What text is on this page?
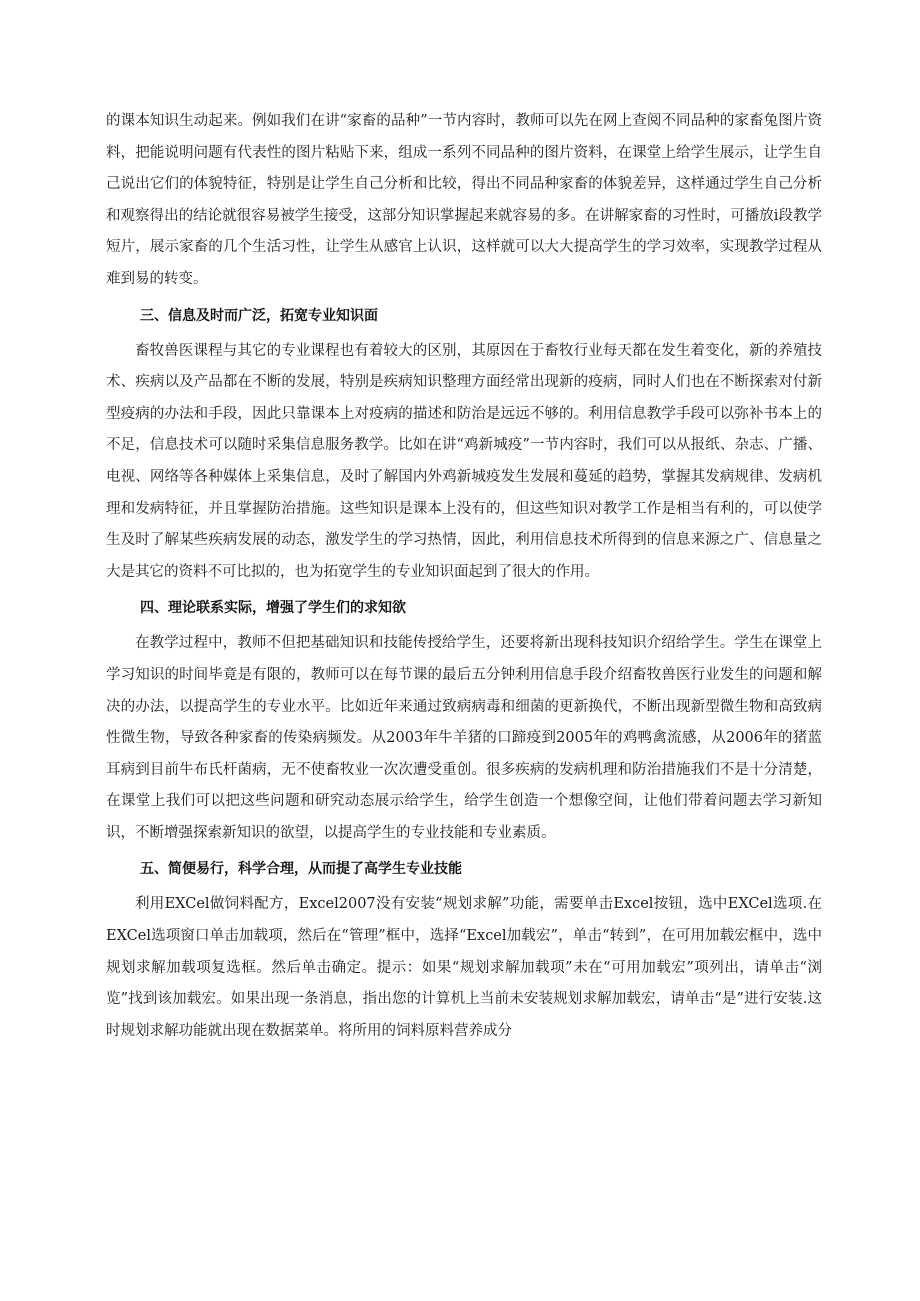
的课本知识生动起来。例如我们在讲“家畜的品种”一节内容时，教师可以先在网上查阅不同品种的家畜兔图片资料，把能说明问题有代表性的图片粘贴下来，组成一系列不同品种的图片资料，在课堂上给学生展示，让学生自己说出它们的体貌特征，特别是让学生自己分析和比较，得出不同品种家畜的体貌差异，这样通过学生自己分析和观察得出的结论就很容易被学生接受，这部分知识掌握起来就容易的多。在讲解家畜的习性时，可播放i段教学短片，展示家畜的几个生活习性，让学生从感官上认识，这样就可以大大提高学生的学习效率，实现教学过程从难到易的转变。

三、信息及时而广泛，拓宽专业知识面

畜牧兽医课程与其它的专业课程也有着较大的区别，其原因在于畜牧行业每天都在发生着变化，新的养殖技术、疾病以及产品都在不断的发展，特别是疾病知识整理方面经常出现新的疫病，同时人们也在不断探索对付新型疫病的办法和手段，因此只靠课本上对疫病的描述和防治是远远不够的。利用信息教学手段可以弥补书本上的不足，信息技术可以随时采集信息服务教学。比如在讲“鸡新城疫”一节内容时，我们可以从报纸、杂志、广播、电视、网络等各种媒体上采集信息，及时了解国内外鸡新城疫发生发展和蔓延的趋势，掌握其发病规律、发病机理和发病特征，并且掌握防治措施。这些知识是课本上没有的，但这些知识对教学工作是相当有利的，可以使学生及时了解某些疾病发展的动态，激发学生的学习热情，因此，利用信息技术所得到的信息来源之广、信息量之大是其它的资料不可比拟的，也为拓宽学生的专业知识面起到了很大的作用。

四、理论联系实际，增强了学生们的求知欲

在教学过程中，教师不但把基础知识和技能传授给学生，还要将新出现科技知识介绍给学生。学生在课堂上学习知识的时间毕竟是有限的，教师可以在每节课的最后五分钟利用信息手段介绍畜牧兽医行业发生的问题和解决的办法，以提高学生的专业水平。比如近年来通过致病病毒和细菌的更新换代，不断出现新型微生物和高致病性微生物，导致各种家畜的传染病频发。从2003年牛羊猪的口蹄疫到2005年的鸡鸭禽流感，从2006年的猪蓝耳病到目前牛布氏杆菌病，无不使畜牧业一次次遭受重创。很多疾病的发病机理和防治措施我们不是十分清楚，在课堂上我们可以把这些问题和研究动态展示给学生，给学生创造一个想像空间，让他们带着问题去学习新知识，不断增强探索新知识的欲望，以提高学生的专业技能和专业素质。

五、简便易行，科学合理，从而提了高学生专业技能

利用EXCel做饲料配方，Excel2007没有安装“规划求解”功能，需要单击Excel按钮，选中EXCel选项.在EXCel选项窗口单击加载项，然后在“管理”框中，选择“Excel加载宏”，单击“转到”，在可用加载宏框中，选中规划求解加载项复选框。然后单击确定。提示：如果“规划求解加载项”未在“可用加载宏”项列出，请单击“浏览”找到该加载宏。如果出现一条消息，指出您的计算机上当前未安装规划求解加载宏，请单击“是”进行安装.这时规划求解功能就出现在数据菜单。将所用的饲料原料营养成分
